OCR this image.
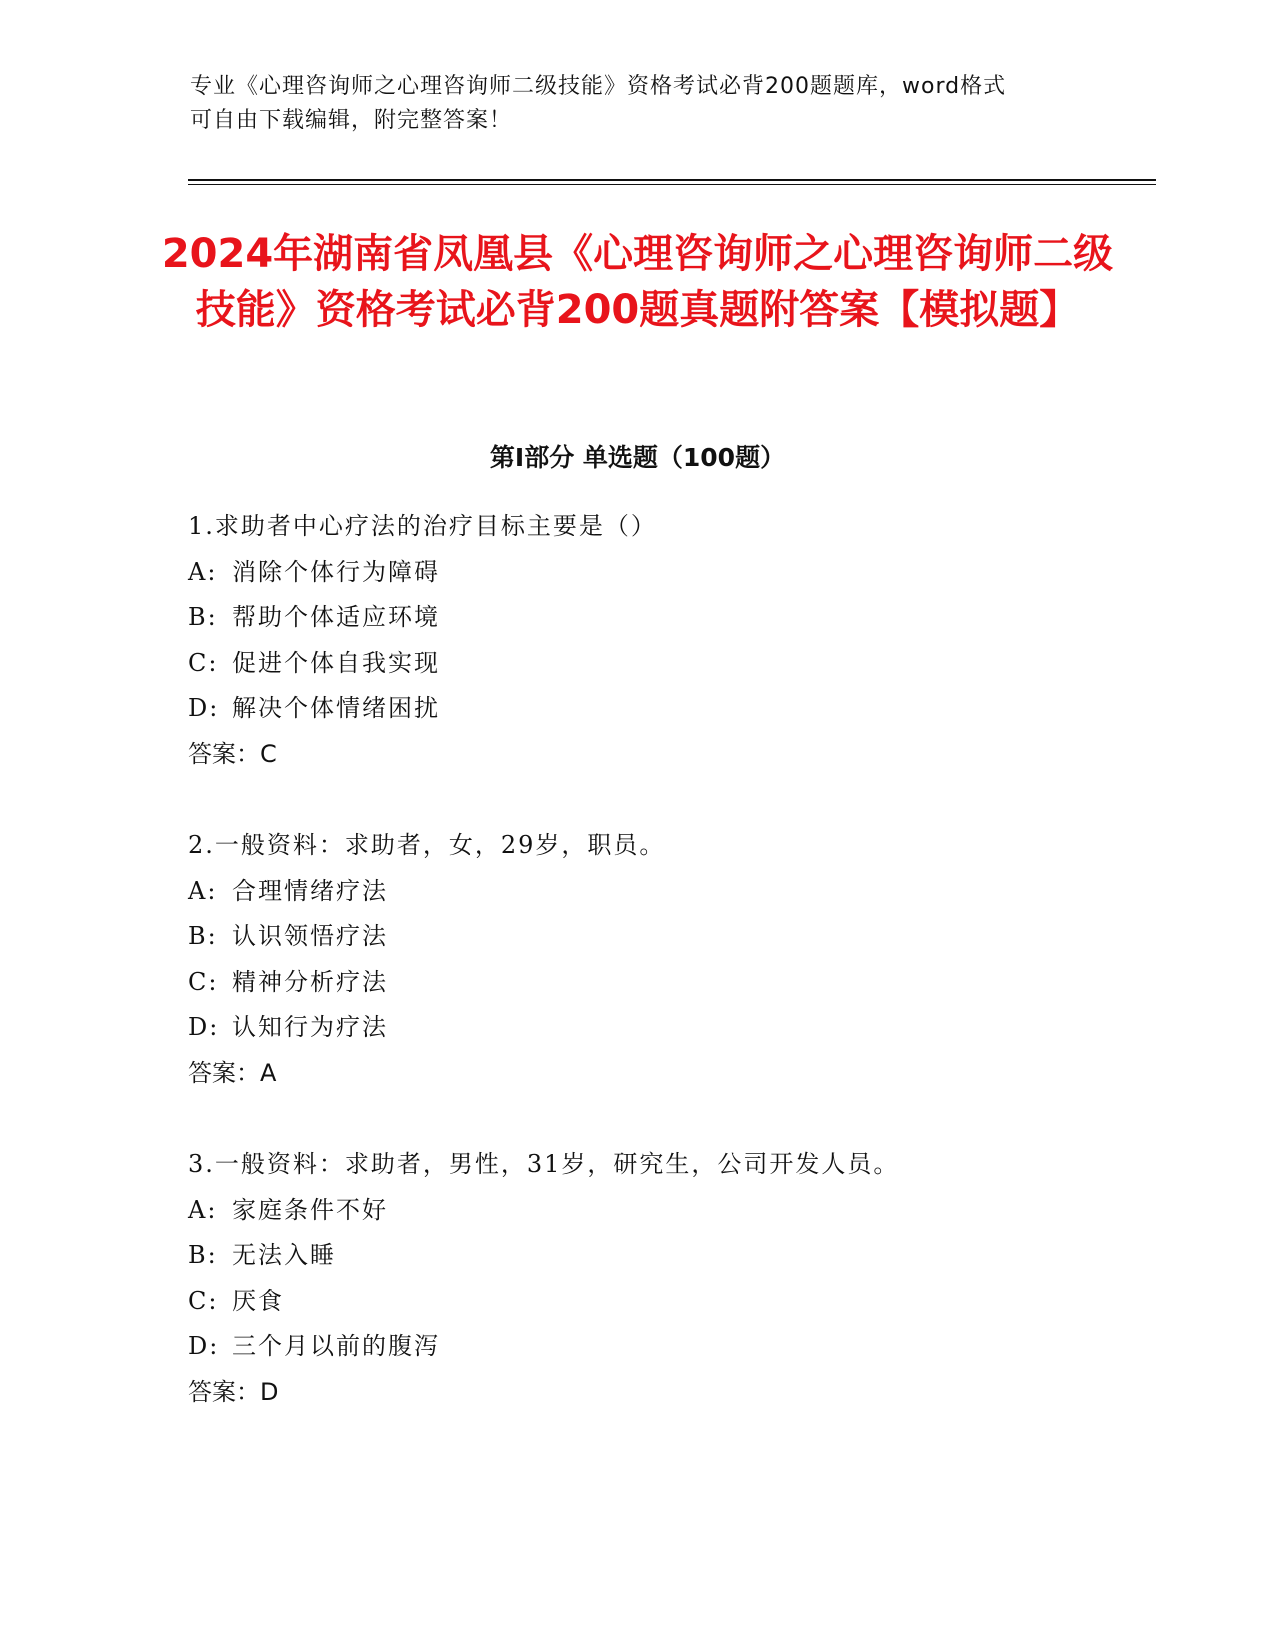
专业《心理咨询师之心理咨询师二级技能》资格考试必背200题题库，word格式
可自由下载编辑，附完整答案！
2024年湖南省凤凰县《心理咨询师之心理咨询师二级技能》资格考试必背200题真题附答案【模拟题】
第Ⅰ部分 单选题（100题）
1.求助者中心疗法的治疗目标主要是（）
A: 消除个体行为障碍
B: 帮助个体适应环境
C: 促进个体自我实现
D: 解决个体情绪困扰
答案：C
2.一般资料：求助者，女，29岁，职员。
A: 合理情绪疗法
B: 认识领悟疗法
C: 精神分析疗法
D: 认知行为疗法
答案：A
3.一般资料：求助者，男性，31岁，研究生，公司开发人员。
A: 家庭条件不好
B: 无法入睡
C: 厌食
D: 三个月以前的腹泻
答案：D
